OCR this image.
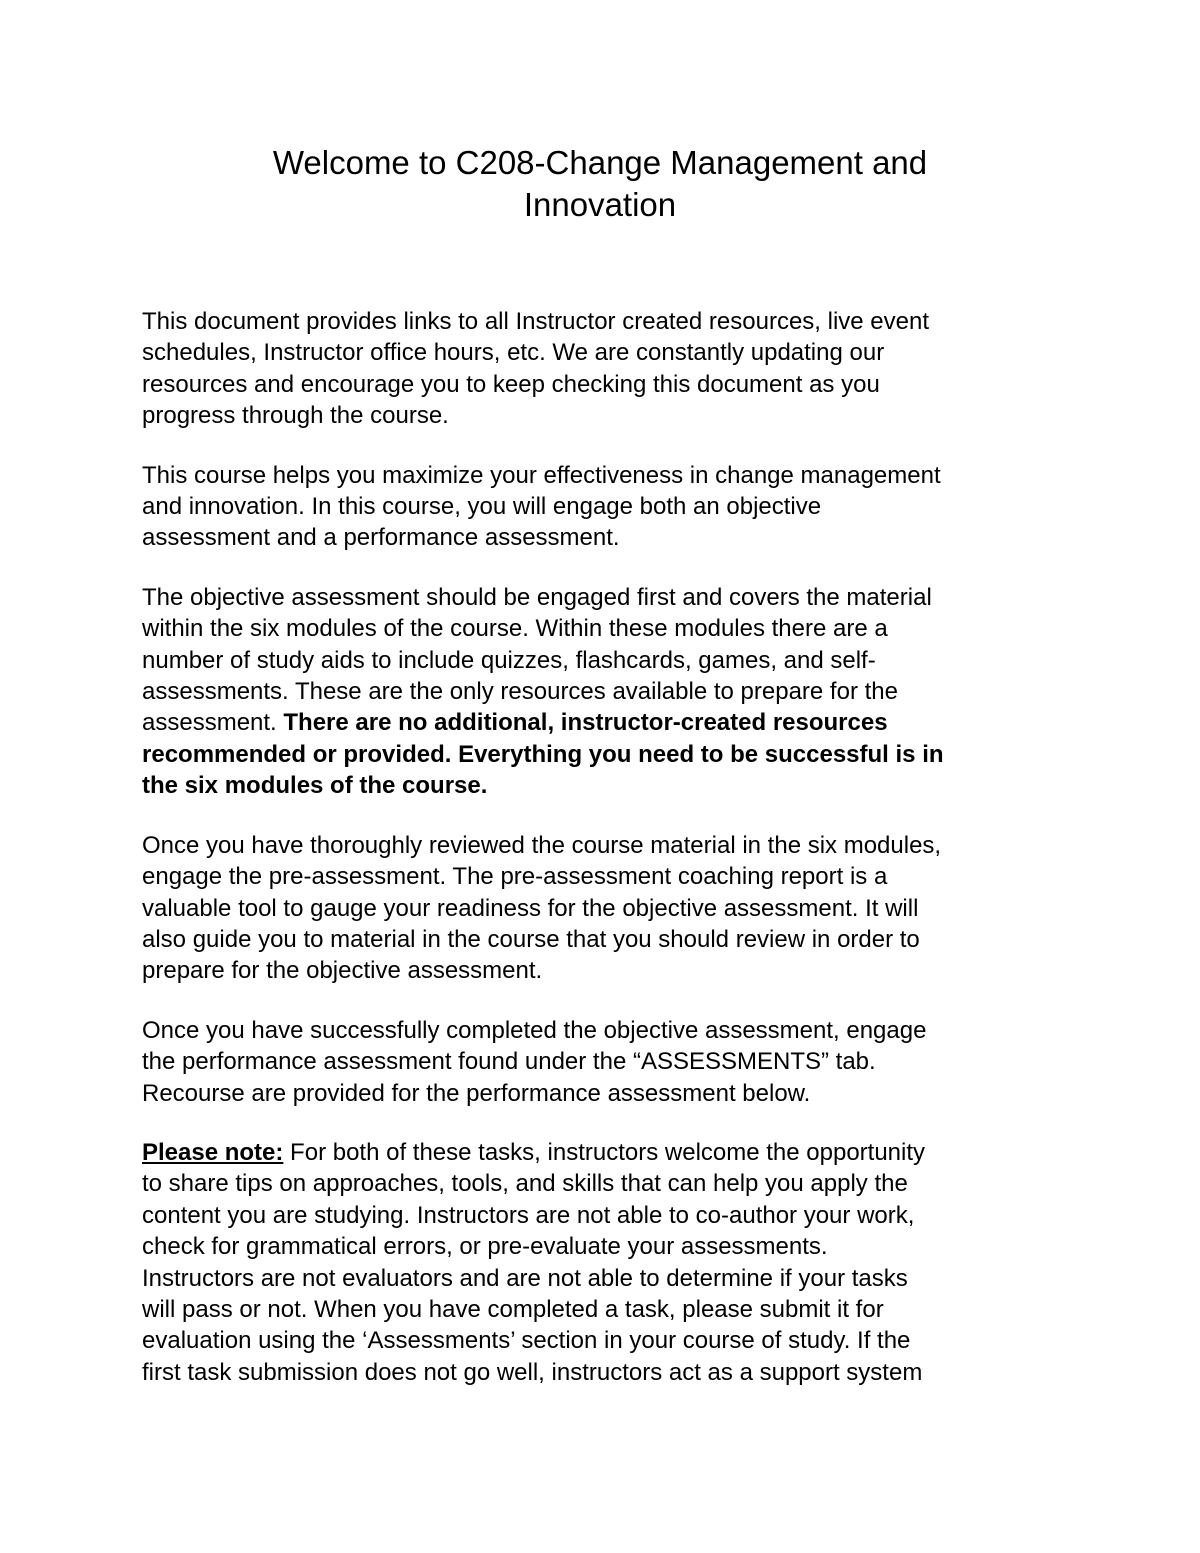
Welcome to C208-Change Management and
Innovation

This document provides links to all Instructor created resources, live event
schedules, Instructor office hours, etc. We are constantly updating our
resources and encourage you to keep checking this document as you
progress through the course.

This course helps you maximize your effectiveness in change management
and innovation. In this course, you will engage both an objective
assessment and a performance assessment.

The objective assessment should be engaged first and covers the material
within the six modules of the course. Within these modules there are a
number of study aids to include quizzes, flashcards, games, and self-
assessments. These are the only resources available to prepare for the
assessment. There are no additional, instructor-created resources
recommended or provided. Everything you need to be successful is in
the six modules of the course.

Once you have thoroughly reviewed the course material in the six modules,
engage the pre-assessment. The pre-assessment coaching report is a
valuable tool to gauge your readiness for the objective assessment. It will
also guide you to material in the course that you should review in order to
prepare for the objective assessment.

Once you have successfully completed the objective assessment, engage
the performance assessment found under the “ASSESSMENTS” tab.
Recourse are provided for the performance assessment below.

Please note: For both of these tasks, instructors welcome the opportunity
to share tips on approaches, tools, and skills that can help you apply the
content you are studying. Instructors are not able to co-author your work,
check for grammatical errors, or pre-evaluate your assessments.
Instructors are not evaluators and are not able to determine if your tasks
will pass or not. When you have completed a task, please submit it for
evaluation using the ‘Assessments’ section in your course of study. If the
first task submission does not go well, instructors act as a support system
